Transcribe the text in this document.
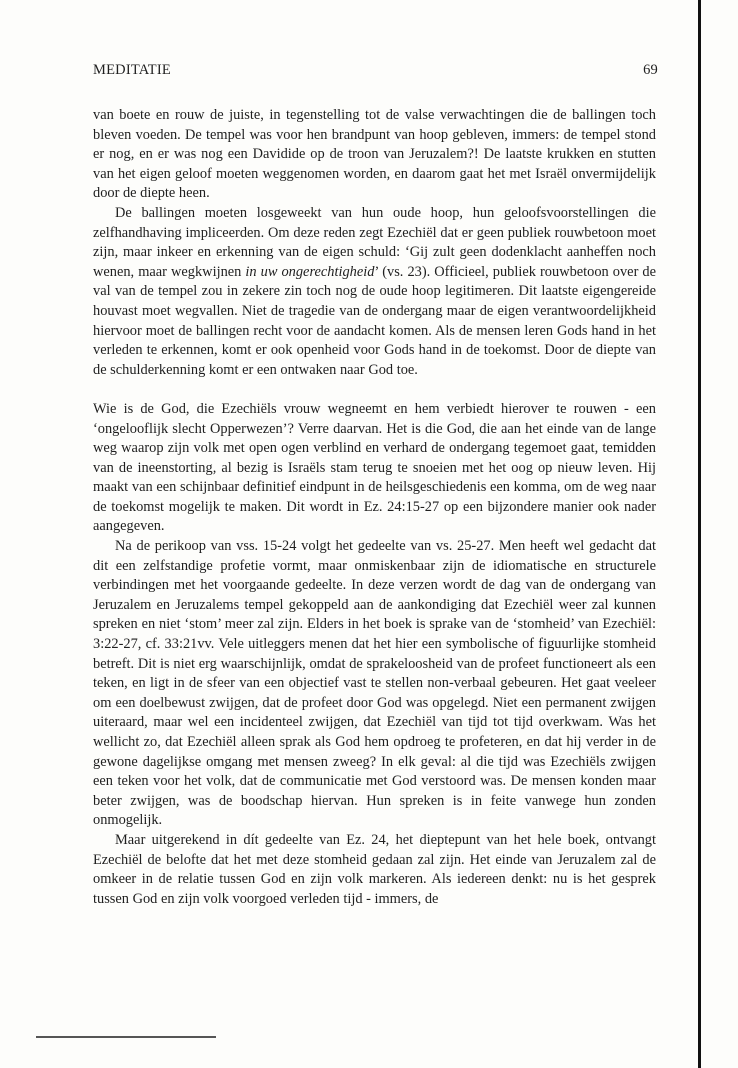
MEDITATIE	69

van boete en rouw de juiste, in tegenstelling tot de valse verwachtingen die de ballingen toch bleven voeden. De tempel was voor hen brandpunt van hoop gebleven, immers: de tempel stond er nog, en er was nog een Davidide op de troon van Jeruzalem?! De laatste krukken en stutten van het eigen geloof moeten weggenomen worden, en daarom gaat het met Israël onvermijdelijk door de diepte heen.

De ballingen moeten losgeweekt van hun oude hoop, hun geloofsvoorstellingen die zelfhandhaving impliceerden. Om deze reden zegt Ezechiël dat er geen publiek rouwbetoon moet zijn, maar inkeer en erkenning van de eigen schuld: ‘Gij zult geen dodenklacht aanheffen noch wenen, maar wegkwijnen in uw ongerechtigheid’ (vs. 23). Officieel, publiek rouwbetoon over de val van de tempel zou in zekere zin toch nog de oude hoop legitimeren. Dit laatste eigengereide houvast moet wegvallen. Niet de tragedie van de ondergang maar de eigen verantwoordelijkheid hiervoor moet de ballingen recht voor de aandacht komen. Als de mensen leren Gods hand in het verleden te erkennen, komt er ook openheid voor Gods hand in de toekomst. Door de diepte van de schulderkenning komt er een ontwaken naar God toe.

Wie is de God, die Ezechiëls vrouw wegneemt en hem verbiedt hierover te rouwen - een ‘ongelooflijk slecht Opperwezen’? Verre daarvan. Het is die God, die aan het einde van de lange weg waarop zijn volk met open ogen verblind en verhard de ondergang tegemoet gaat, temidden van de ineenstorting, al bezig is Israëls stam terug te snoeien met het oog op nieuw leven. Hij maakt van een schijnbaar definitief eindpunt in de heilsgeschiedenis een komma, om de weg naar de toekomst mogelijk te maken. Dit wordt in Ez. 24:15-27 op een bijzondere manier ook nader aangegeven.

Na de perikoop van vss. 15-24 volgt het gedeelte van vs. 25-27. Men heeft wel gedacht dat dit een zelfstandige profetie vormt, maar onmiskenbaar zijn de idiomatische en structurele verbindingen met het voorgaande gedeelte. In deze verzen wordt de dag van de ondergang van Jeruzalem en Jeruzalems tempel gekoppeld aan de aankondiging dat Ezechiël weer zal kunnen spreken en niet ‘stom’ meer zal zijn. Elders in het boek is sprake van de ‘stomheid’ van Ezechiël: 3:22-27, cf. 33:21vv. Vele uitleggers menen dat het hier een symbolische of figuurlijke stomheid betreft. Dit is niet erg waarschijnlijk, omdat de sprakeloosheid van de profeet functioneert als een teken, en ligt in de sfeer van een objectief vast te stellen non-verbaal gebeuren. Het gaat veeleer om een doelbewust zwijgen, dat de profeet door God was opgelegd. Niet een permanent zwijgen uiteraard, maar wel een incidenteel zwijgen, dat Ezechiël van tijd tot tijd overkwam. Was het wellicht zo, dat Ezechiël alleen sprak als God hem opdroeg te profeteren, en dat hij verder in de gewone dagelijkse omgang met mensen zweeg? In elk geval: al die tijd was Ezechiëls zwijgen een teken voor het volk, dat de communicatie met God verstoord was. De mensen konden maar beter zwijgen, was de boodschap hiervan. Hun spreken is in feite vanwege hun zonden onmogelijk.

Maar uitgerekend in dít gedeelte van Ez. 24, het dieptepunt van het hele boek, ontvangt Ezechiël de belofte dat het met deze stomheid gedaan zal zijn. Het einde van Jeruzalem zal de omkeer in de relatie tussen God en zijn volk markeren. Als iedereen denkt: nu is het gesprek tussen God en zijn volk voorgoed verleden tijd - immers, de
